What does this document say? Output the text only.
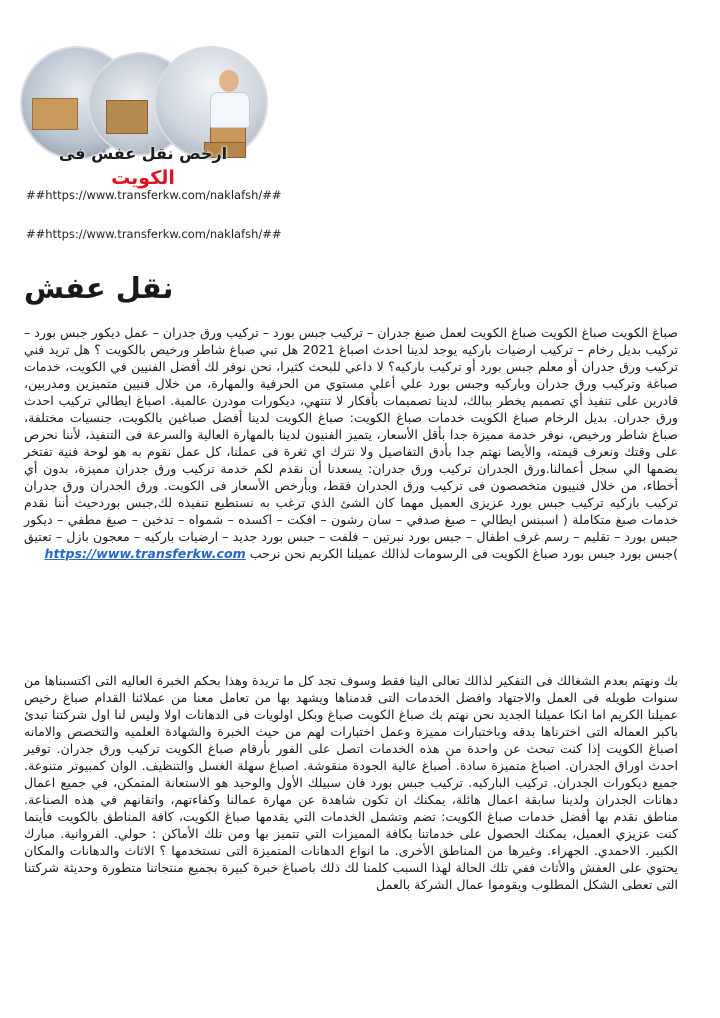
ارخص نقل عفش فى الكويت
##https://www.transferkw.com/naklafsh/##
##https://www.transferkw.com/naklafsh/##
نقل عفش

صباغ الكويت صباغ الكويت صباغ الكويت لعمل صبغ جدران – تركيب جبس بورد – تركيب ورق جدران – عمل ديكور جبس بورد – تركيب بديل رخام – تركيب ارضيات باركيه يوجد لدينا احدث اصباغ 2021 هل تبي صباغ شاطر ورخيص بالكويت ؟ هل تريد فني تركيب ورق جدران أو معلم جبس بورد أو تركيب باركيه؟ لا داعي للبحث كثيرا، نحن نوفر لك أفضل الفنيين في الكويت، خدمات صباغة وتركيب ورق جدران وباركيه وجبس بورد علي أعلي مستوي من الحرفية والمهارة، من خلال فنيين متميزين ومدربين، قادرين على تنفيذ أي تصميم يخطر ببالك، لدينا تصميمات بأفكار لا تنتهي، ديكورات مودرن عالمية. اصباغ ايطالي تركيب احدث ورق جدران. بديل الرخام صباغ الكويت خدمات صباغ الكويت: صباغ الكويت لدينا أفضل صباغين بالكويت، جنسيات مختلفة، صباغ شاطر ورخيص، نوفر خدمة مميزة جدا بأقل الأسعار، يتميز الفنيون لدينا بالمهارة العالية والسرعة فى التنفيذ، لأننا نحرص على وقتك ونعرف قيمته، والأيضا نهتم جدا بأدق التفاصيل ولا نترك اي ثغرة فى عملنا، كل عمل نقوم به هو لوحة فنية تفتخر بضمها الي سجل أعمالنا.ورق الجدران تركيب ورق جدران: يسعدنا أن نقدم لكم خدمة تركيب ورق جدران مميزة، بدون أي أخطاء، من خلال فنييون متخصصون فى تركيب ورق الجدران فقط، وبأرخص الأسعار فى الكويت. ورق الجدران ورق جدران تركيب باركيه تركيب جبس بورد عزيزى العميل مهما كان الشئ الذي ترغب به نستطيع تنفيذه لك,جبس بوردحيث أننا نقدم خدمات صبغ متكاملة ( اسبنس ايطالي – صبغ صدفي – سان رشون – افكت – اكسده – شمواه – تدخين – صبغ مطفي – ديكور جبس بورد – تقليم – رسم غرف اطفال – جبس بورد نبرتين – فلفت – جبس بورد جديد – ارضيات باركيه – معجون بازل – تعتيق )جبس بورد جبس بورد صباغ الكويت فى الرسومات لذالك عميلنا الكريم نحن نرحب https://www.transferkw.com

بك ونهتم بعدم الشغالك فى التفكير لذالك تعالى الينا فقط وسوف تجد كل ما تريدة وهذا بحكم الخبرة العاليه التى اكتسبناها من سنوات طويله فى العمل والاجتهاد وافضل الخدمات التى قدمناها ويشهد بها من تعامل معنا من عملائنا القدام صباغ رخيص عميلنا الكريم اما انكا عميلنا الجديد نحن نهتم بك صباغ الكويت صباغ وبكل اولويات فى الدهانات اولا وليس لنا اول شركتنا تبدئ باكبر العماله التى اخترناها بدقه وباختبارات مميزة وعمل اختبارات لهم من حيث الخبرة والشهادة العلميه والتخصص والامانه اصباغ الكويت إذا كنت تبحث عن واحدة من هذه الخدمات اتصل على الفور بأرقام صباغ الكويت تركيب ورق جدران. توفير احدث اوراق الجدران. اصباغ متميزة سادة. أصباغ عالية الجودة منقوشة. اصباغ سهلة الغسل والتنظيف. الوان كمبيوتر متنوعة. جميع ديكورات الجدران. تركيب الباركيه. تركيب جبس بورد فان سبيلك الأول والوحيد هو الاستعانة المتمكن، في جميع اعمال دهانات الجدران ولدينا سابقة اعمال هائلة، يمكنك ان تكون شاهدة عن مهارة عمالنا وكفاءتهم، واتقانهم في هذه الصناعة. مناطق نقدم بها أفضل خدمات صباغ الكويت: تضم وتشمل الخدمات التي يقدمها صباغ الكويت، كافة المناطق بالكويت فأينما كنت عزيزي العميل، يمكنك الحصول على خدماتنا بكافة المميزات التي تتميز بها ومن تلك الأماكن : حولي. الفروانية. مبارك الكبير. الاحمدي. الجهراء. وغيرها من المناطق الأخرى. ما انواع الدهانات المتميزة التى نستخدمها ؟ الاثاث والدهانات والمكان يحتوي على العفش والأثاث ففي تلك الحالة لهذا السبب كلمنا لك ذلك باصباغ خبرة كبيرة بجميع منتجاتنا متطورة وحديثة شركتنا التى تعطى الشكل المطلوب ويقوموا عمال الشركة بالعمل
